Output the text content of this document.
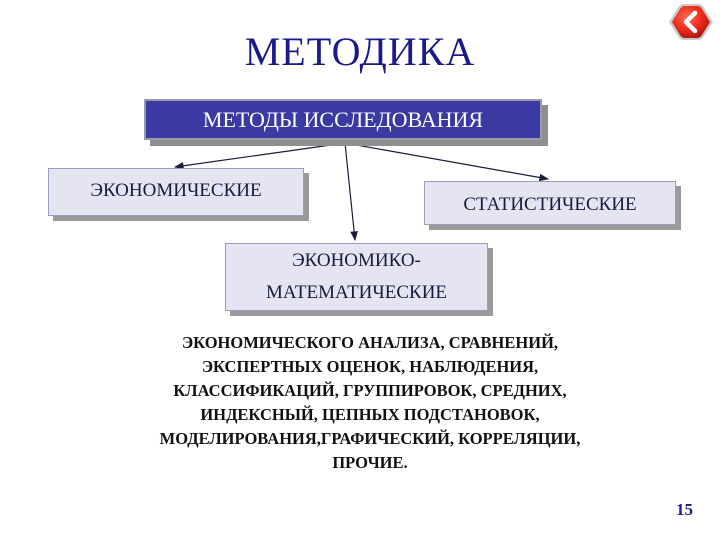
МЕТОДИКА
МЕТОДЫ ИССЛЕДОВАНИЯ
ЭКОНОМИЧЕСКИЕ
СТАТИСТИЧЕСКИЕ
ЭКОНОМИКО-
МАТЕМАТИЧЕСКИЕ
ЭКОНОМИЧЕСКОГО АНАЛИЗА, СРАВНЕНИЙ,
ЭКСПЕРТНЫХ ОЦЕНОК, НАБЛЮДЕНИЯ,
КЛАССИФИКАЦИЙ, ГРУППИРОВОК, СРЕДНИХ,
ИНДЕКСНЫЙ, ЦЕПНЫХ ПОДСТАНОВОК,
МОДЕЛИРОВАНИЯ,ГРАФИЧЕСКИЙ, КОРРЕЛЯЦИИ,
ПРОЧИЕ.
15
